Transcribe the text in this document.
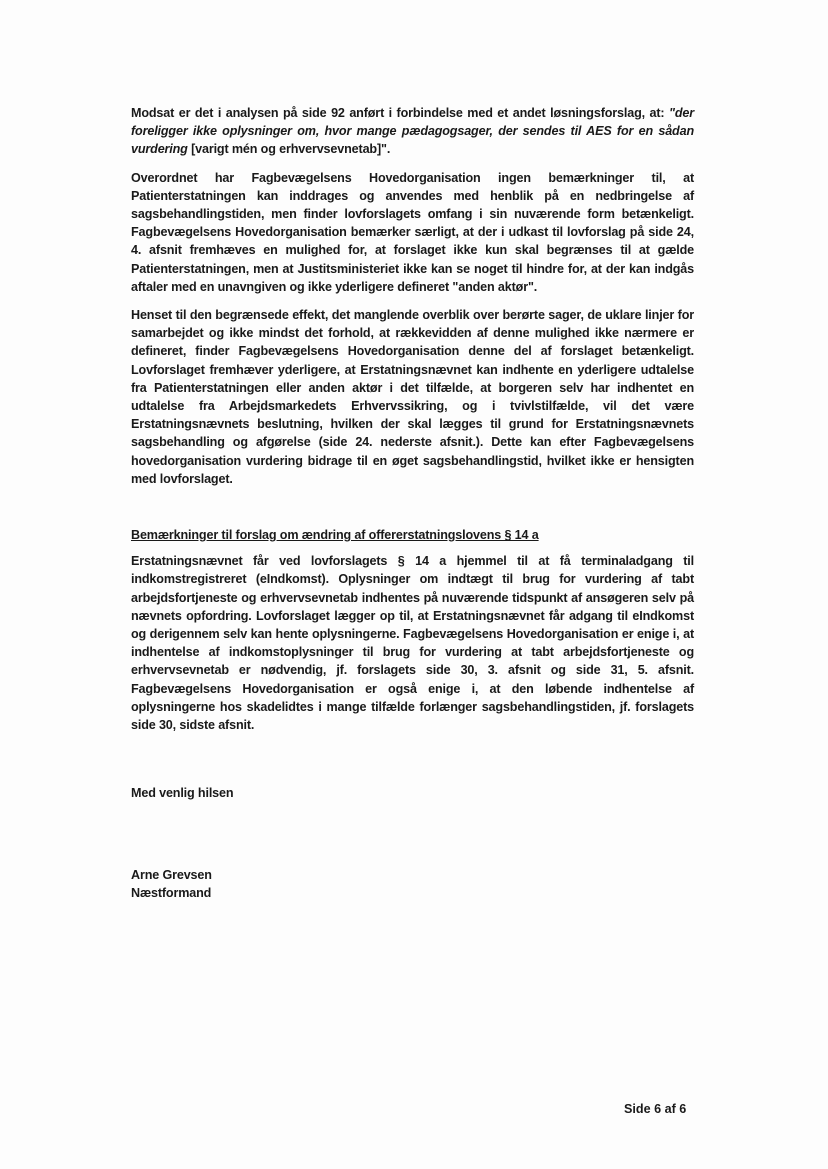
Modsat er det i analysen på side 92 anført i forbindelse med et andet løsningsforslag, at: "der foreligger ikke oplysninger om, hvor mange pædagogsager, der sendes til AES for en sådan vurdering [varigt mén og erhvervsevnetab]".

Overordnet har Fagbevægelsens Hovedorganisation ingen bemærkninger til, at Patienterstatningen kan inddrages og anvendes med henblik på en nedbringelse af sagsbehandlingstiden, men finder lovforslagets omfang i sin nuværende form betænkeligt. Fagbevægelsens Hovedorganisation bemærker særligt, at der i udkast til lovforslag på side 24, 4. afsnit fremhæves en mulighed for, at forslaget ikke kun skal begrænses til at gælde Patienterstatningen, men at Justitsministeriet ikke kan se noget til hindre for, at der kan indgås aftaler med en unavngiven og ikke yderligere defineret "anden aktør".

Henset til den begrænsede effekt, det manglende overblik over berørte sager, de uklare linjer for samarbejdet og ikke mindst det forhold, at rækkevidden af denne mulighed ikke nærmere er defineret, finder Fagbevægelsens Hovedorganisation denne del af forslaget betænkeligt. Lovforslaget fremhæver yderligere, at Erstatningsnævnet kan indhente en yderligere udtalelse fra Patienterstatningen eller anden aktør i det tilfælde, at borgeren selv har indhentet en udtalelse fra Arbejdsmarkedets Erhvervssikring, og i tvivlstilfælde, vil det være Erstatningsnævnets beslutning, hvilken der skal lægges til grund for Erstatningsnævnets sagsbehandling og afgørelse (side 24. nederste afsnit.). Dette kan efter Fagbevægelsens hovedorganisation vurdering bidrage til en øget sagsbehandlingstid, hvilket ikke er hensigten med lovforslaget.

Bemærkninger til forslag om ændring af offererstatningslovens § 14 a

Erstatningsnævnet får ved lovforslagets § 14 a hjemmel til at få terminaladgang til indkomstregistreret (eIndkomst). Oplysninger om indtægt til brug for vurdering af tabt arbejdsfortjeneste og erhvervsevnetab indhentes på nuværende tidspunkt af ansøgeren selv på nævnets opfordring. Lovforslaget lægger op til, at Erstatningsnævnet får adgang til eIndkomst og derigennem selv kan hente oplysningerne. Fagbevægelsens Hovedorganisation er enige i, at indhentelse af indkomstoplysninger til brug for vurdering at tabt arbejdsfortjeneste og erhvervsevnetab er nødvendig, jf. forslagets side 30, 3. afsnit og side 31, 5. afsnit. Fagbevægelsens Hovedorganisation er også enige i, at den løbende indhentelse af oplysningerne hos skadelidtes i mange tilfælde forlænger sagsbehandlingstiden, jf. forslagets side 30, sidste afsnit.

Med venlig hilsen
Arne Grevsen
Næstformand
Side 6 af 6
